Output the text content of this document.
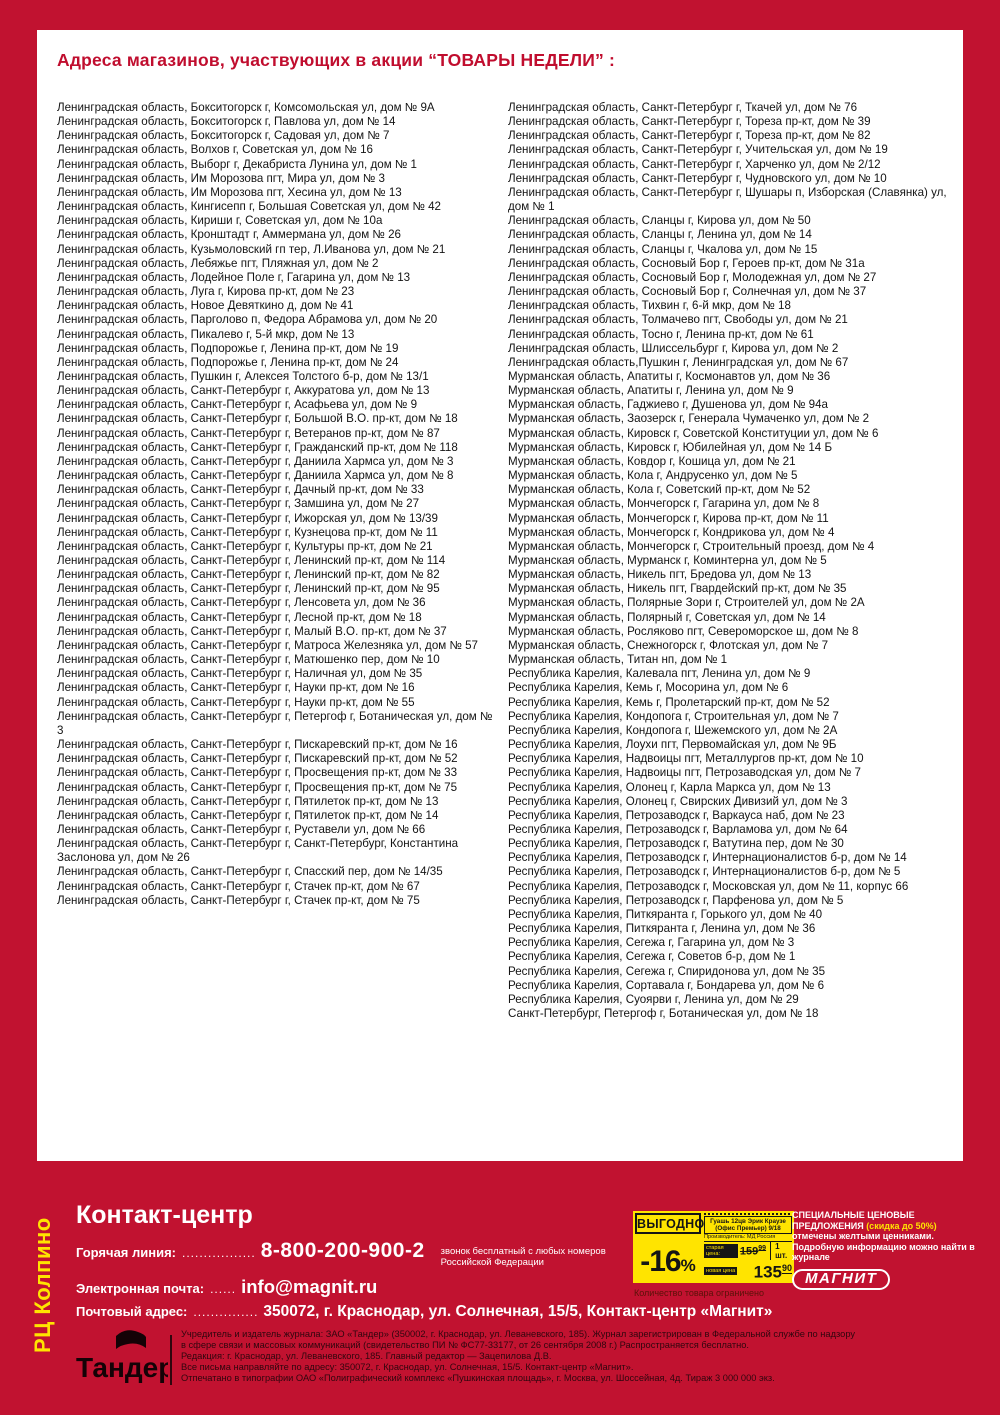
Адреса магазинов, участвующих в акции “ТОВАРЫ НЕДЕЛИ” :
Ленинградская область, Бокситогорск г, Комсомольская ул, дом № 9А
Ленинградская область, Бокситогорск г, Павлова ул, дом № 14
Ленинградская область, Бокситогорск г, Садовая ул, дом № 7
Ленинградская область, Волхов г, Советская ул, дом № 16
Ленинградская область, Выборг г, Декабриста Лунина ул, дом № 1
Ленинградская область, Им Морозова пгт, Мира ул, дом № 3
Ленинградская область, Им Морозова пгт, Хесина ул, дом № 13
Ленинградская область, Кингисепп г, Большая Советская ул, дом № 42
Ленинградская область, Кириши г, Советская ул, дом № 10а
Ленинградская область, Кронштадт г, Аммермана ул, дом № 26
Ленинградская область, Кузьмоловский гп тер, Л.Иванова ул, дом № 21
Ленинградская область, Лебяжье пгт, Пляжная ул, дом № 2
Ленинградская область, Лодейное Поле г, Гагарина ул, дом № 13
Ленинградская область, Луга г, Кирова пр-кт, дом № 23
Ленинградская область, Новое Девяткино д, дом № 41
Ленинградская область, Парголово п, Федора Абрамова ул, дом № 20
Ленинградская область, Пикалево г, 5-й мкр, дом № 13
Ленинградская область, Подпорожье г, Ленина пр-кт, дом № 19
Ленинградская область, Подпорожье г, Ленина пр-кт, дом № 24
Ленинградская область, Пушкин г, Алексея Толстого б-р, дом № 13/1
Ленинградская область, Санкт-Петербург г, Аккуратова ул, дом № 13
Ленинградская область, Санкт-Петербург г, Асафьева ул, дом № 9
Ленинградская область, Санкт-Петербург г, Большой В.О. пр-кт, дом № 18
Ленинградская область, Санкт-Петербург г, Ветеранов пр-кт, дом № 87
Ленинградская область, Санкт-Петербург г, Гражданский пр-кт, дом № 118
Ленинградская область, Санкт-Петербург г, Даниила Хармса ул, дом № 3
Ленинградская область, Санкт-Петербург г, Даниила Хармса ул, дом № 8
Ленинградская область, Санкт-Петербург г, Дачный пр-кт, дом № 33
Ленинградская область, Санкт-Петербург г, Замшина ул, дом № 27
Ленинградская область, Санкт-Петербург г, Ижорская ул, дом № 13/39
Ленинградская область, Санкт-Петербург г, Кузнецова пр-кт, дом № 11
Ленинградская область, Санкт-Петербург г, Культуры пр-кт, дом № 21
Ленинградская область, Санкт-Петербург г, Ленинский пр-кт, дом № 114
Ленинградская область, Санкт-Петербург г, Ленинский пр-кт, дом № 82
Ленинградская область, Санкт-Петербург г, Ленинский пр-кт, дом № 95
Ленинградская область, Санкт-Петербург г, Ленсовета ул, дом № 36
Ленинградская область, Санкт-Петербург г, Лесной пр-кт, дом № 18
Ленинградская область, Санкт-Петербург г, Малый В.О. пр-кт, дом № 37
Ленинградская область, Санкт-Петербург г, Матроса Железняка ул, дом № 57
Ленинградская область, Санкт-Петербург г, Матюшенко пер, дом № 10
Ленинградская область, Санкт-Петербург г, Наличная ул, дом № 35
Ленинградская область, Санкт-Петербург г, Науки пр-кт, дом № 16
Ленинградская область, Санкт-Петербург г, Науки пр-кт, дом № 55
Ленинградская область, Санкт-Петербург г, Петергоф г, Ботаническая ул, дом № 3
Ленинградская область, Санкт-Петербург г, Пискаревский пр-кт, дом № 16
Ленинградская область, Санкт-Петербург г, Пискаревский пр-кт, дом № 52
Ленинградская область, Санкт-Петербург г, Просвещения пр-кт, дом № 33
Ленинградская область, Санкт-Петербург г, Просвещения пр-кт, дом № 75
Ленинградская область, Санкт-Петербург г, Пятилеток пр-кт, дом № 13
Ленинградская область, Санкт-Петербург г, Пятилеток пр-кт, дом № 14
Ленинградская область, Санкт-Петербург г, Руставели ул, дом № 66
Ленинградская область, Санкт-Петербург г, Санкт-Петербург, Константина Заслонова ул, дом № 26
Ленинградская область, Санкт-Петербург г, Спасский пер, дом № 14/35
Ленинградская область, Санкт-Петербург г, Стачек пр-кт, дом № 67
Ленинградская область, Санкт-Петербург г, Стачек пр-кт, дом № 75
Ленинградская область, Санкт-Петербург г, Ткачей ул, дом № 76
Ленинградская область, Санкт-Петербург г, Тореза пр-кт, дом № 39
Ленинградская область, Санкт-Петербург г, Тореза пр-кт, дом № 82
Ленинградская область, Санкт-Петербург г, Учительская ул, дом № 19
Ленинградская область, Санкт-Петербург г, Харченко ул, дом № 2/12
Ленинградская область, Санкт-Петербург г, Чудновского ул, дом № 10
Ленинградская область, Санкт-Петербург г, Шушары п, Изборская (Славянка) ул, дом № 1
Ленинградская область, Сланцы г, Кирова ул, дом № 50
Ленинградская область, Сланцы г, Ленина ул, дом № 14
Ленинградская область, Сланцы г, Чкалова ул, дом № 15
Ленинградская область, Сосновый Бор г, Героев пр-кт, дом № 31а
Ленинградская область, Сосновый Бор г, Молодежная ул, дом № 27
Ленинградская область, Сосновый Бор г, Солнечная ул, дом № 37
Ленинградская область, Тихвин г, 6-й мкр, дом № 18
Ленинградская область, Толмачево пгт, Свободы ул, дом № 21
Ленинградская область, Тосно г, Ленина пр-кт, дом № 61
Ленинградская область, Шлиссельбург г, Кирова ул, дом № 2
Ленинградская область,Пушкин г, Ленинградская ул, дом № 67
Мурманская область, Апатиты г, Космонавтов ул, дом № 36
Мурманская область, Апатиты г, Ленина ул, дом № 9
Мурманская область, Гаджиево г, Душенова ул, дом № 94а
Мурманская область, Заозерск г, Генерала Чумаченко ул, дом № 2
Мурманская область, Кировск г, Советской Конституции ул, дом № 6
Мурманская область, Кировск г, Юбилейная ул, дом № 14 Б
Мурманская область, Ковдор г, Кошица ул, дом № 21
Мурманская область, Кола г, Андрусенко ул, дом № 5
Мурманская область, Кола г, Советский пр-кт, дом № 52
Мурманская область, Мончегорск г, Гагарина ул, дом № 8
Мурманская область, Мончегорск г, Кирова пр-кт, дом № 11
Мурманская область, Мончегорск г, Кондрикова ул, дом № 4
Мурманская область, Мончегорск г, Строительный проезд, дом № 4
Мурманская область, Мурманск г, Коминтерна ул, дом № 5
Мурманская область, Никель пгт, Бредова ул, дом № 13
Мурманская область, Никель пгт, Гвардейский пр-кт, дом № 35
Мурманская область, Полярные Зори г, Строителей ул, дом № 2А
Мурманская область, Полярный г, Советская ул, дом № 14
Мурманская область, Росляково пгт, Североморское ш, дом № 8
Мурманская область, Снежногорск г, Флотская ул, дом № 7
Мурманская область, Титан нп, дом № 1
Республика Карелия, Калевала пгт, Ленина ул, дом № 9
Республика Карелия, Кемь г, Мосорина ул, дом № 6
Республика Карелия, Кемь г, Пролетарский пр-кт, дом № 52
Республика Карелия, Кондопога г, Строительная ул, дом № 7
Республика Карелия, Кондопога г, Шежемского ул, дом № 2А
Республика Карелия, Лоухи пгт, Первомайская ул, дом № 9Б
Республика Карелия, Надвоицы пгт, Металлургов пр-кт, дом № 10
Республика Карелия, Надвоицы пгт, Петрозаводская ул, дом № 7
Республика Карелия, Олонец г, Карла Маркса ул, дом № 13
Республика Карелия, Олонец г, Свирских Дивизий ул, дом № 3
Республика Карелия, Петрозаводск г, Варкауса наб, дом № 23
Республика Карелия, Петрозаводск г, Варламова ул, дом № 64
Республика Карелия, Петрозаводск г, Ватутина пер, дом № 30
Республика Карелия, Петрозаводск г, Интернационалистов б-р, дом № 14
Республика Карелия, Петрозаводск г, Интернационалистов б-р, дом № 5
Республика Карелия, Петрозаводск г, Московская ул, дом № 11, корпус 66
Республика Карелия, Петрозаводск г, Парфенова ул, дом № 5
Республика Карелия, Питкяранта г, Горького ул, дом № 40
Республика Карелия, Питкяранта г, Ленина ул, дом № 36
Республика Карелия, Сегежа г, Гагарина ул, дом № 3
Республика Карелия, Сегежа г, Советов б-р, дом № 1
Республика Карелия, Сегежа г, Спиридонова ул, дом № 35
Республика Карелия, Сортавала г, Бондарева ул, дом № 6
Республика Карелия, Суоярви г, Ленина ул, дом № 29
Санкт-Петербург, Петергоф г, Ботаническая ул, дом № 18
РЦ Колпино
Контакт-центр
Горячая линия: ................. 8-800-200-900-2 звонок бесплатный с любых номеров Российской Федерации
Электронная почта: ...... info@magnit.ru
Почтовый адрес: ............... 350072, г. Краснодар, ул. Солнечная, 15/5, Контакт-центр «Магнит»
ВЫГОДНО
-16%
Гуашь 12цв Эрик Краузе (Офис Премьер) 9/18
Производитель: МД Россия
старая цена:	$159^{99}$	1 шт.
новая цена $135^{90}$
Количество товара ограничено
СПЕЦИАЛЬНЫЕ ЦЕНОВЫЕ ПРЕДЛОЖЕНИЯ (скидка до 50%) отмечены желтыми ценниками. Подробную информацию можно найти в журнале
МАГНИТ
Тандер
Учредитель и издатель журнала: ЗАО «Тандер» (350002, г. Краснодар, ул. Леваневского, 185). Журнал зарегистрирован в Федеральной службе по надзору
в сфере связи и массовых коммуникаций (свидетельство ПИ № ФС77-33177, от 26 сентября 2008 г.) Распространяется бесплатно.
Редакция: г. Краснодар, ул. Леваневского, 185. Главный редактор — Зацепилова Д.В.
Все письма направляйте по адресу: 350072, г. Краснодар, ул. Солнечная, 15/5. Контакт-центр «Магнит».
Отпечатано в типографии ОАО «Полиграфический комплекс «Пушкинская площадь», г. Москва, ул. Шоссейная, 4д. Тираж 3 000 000 экз.
